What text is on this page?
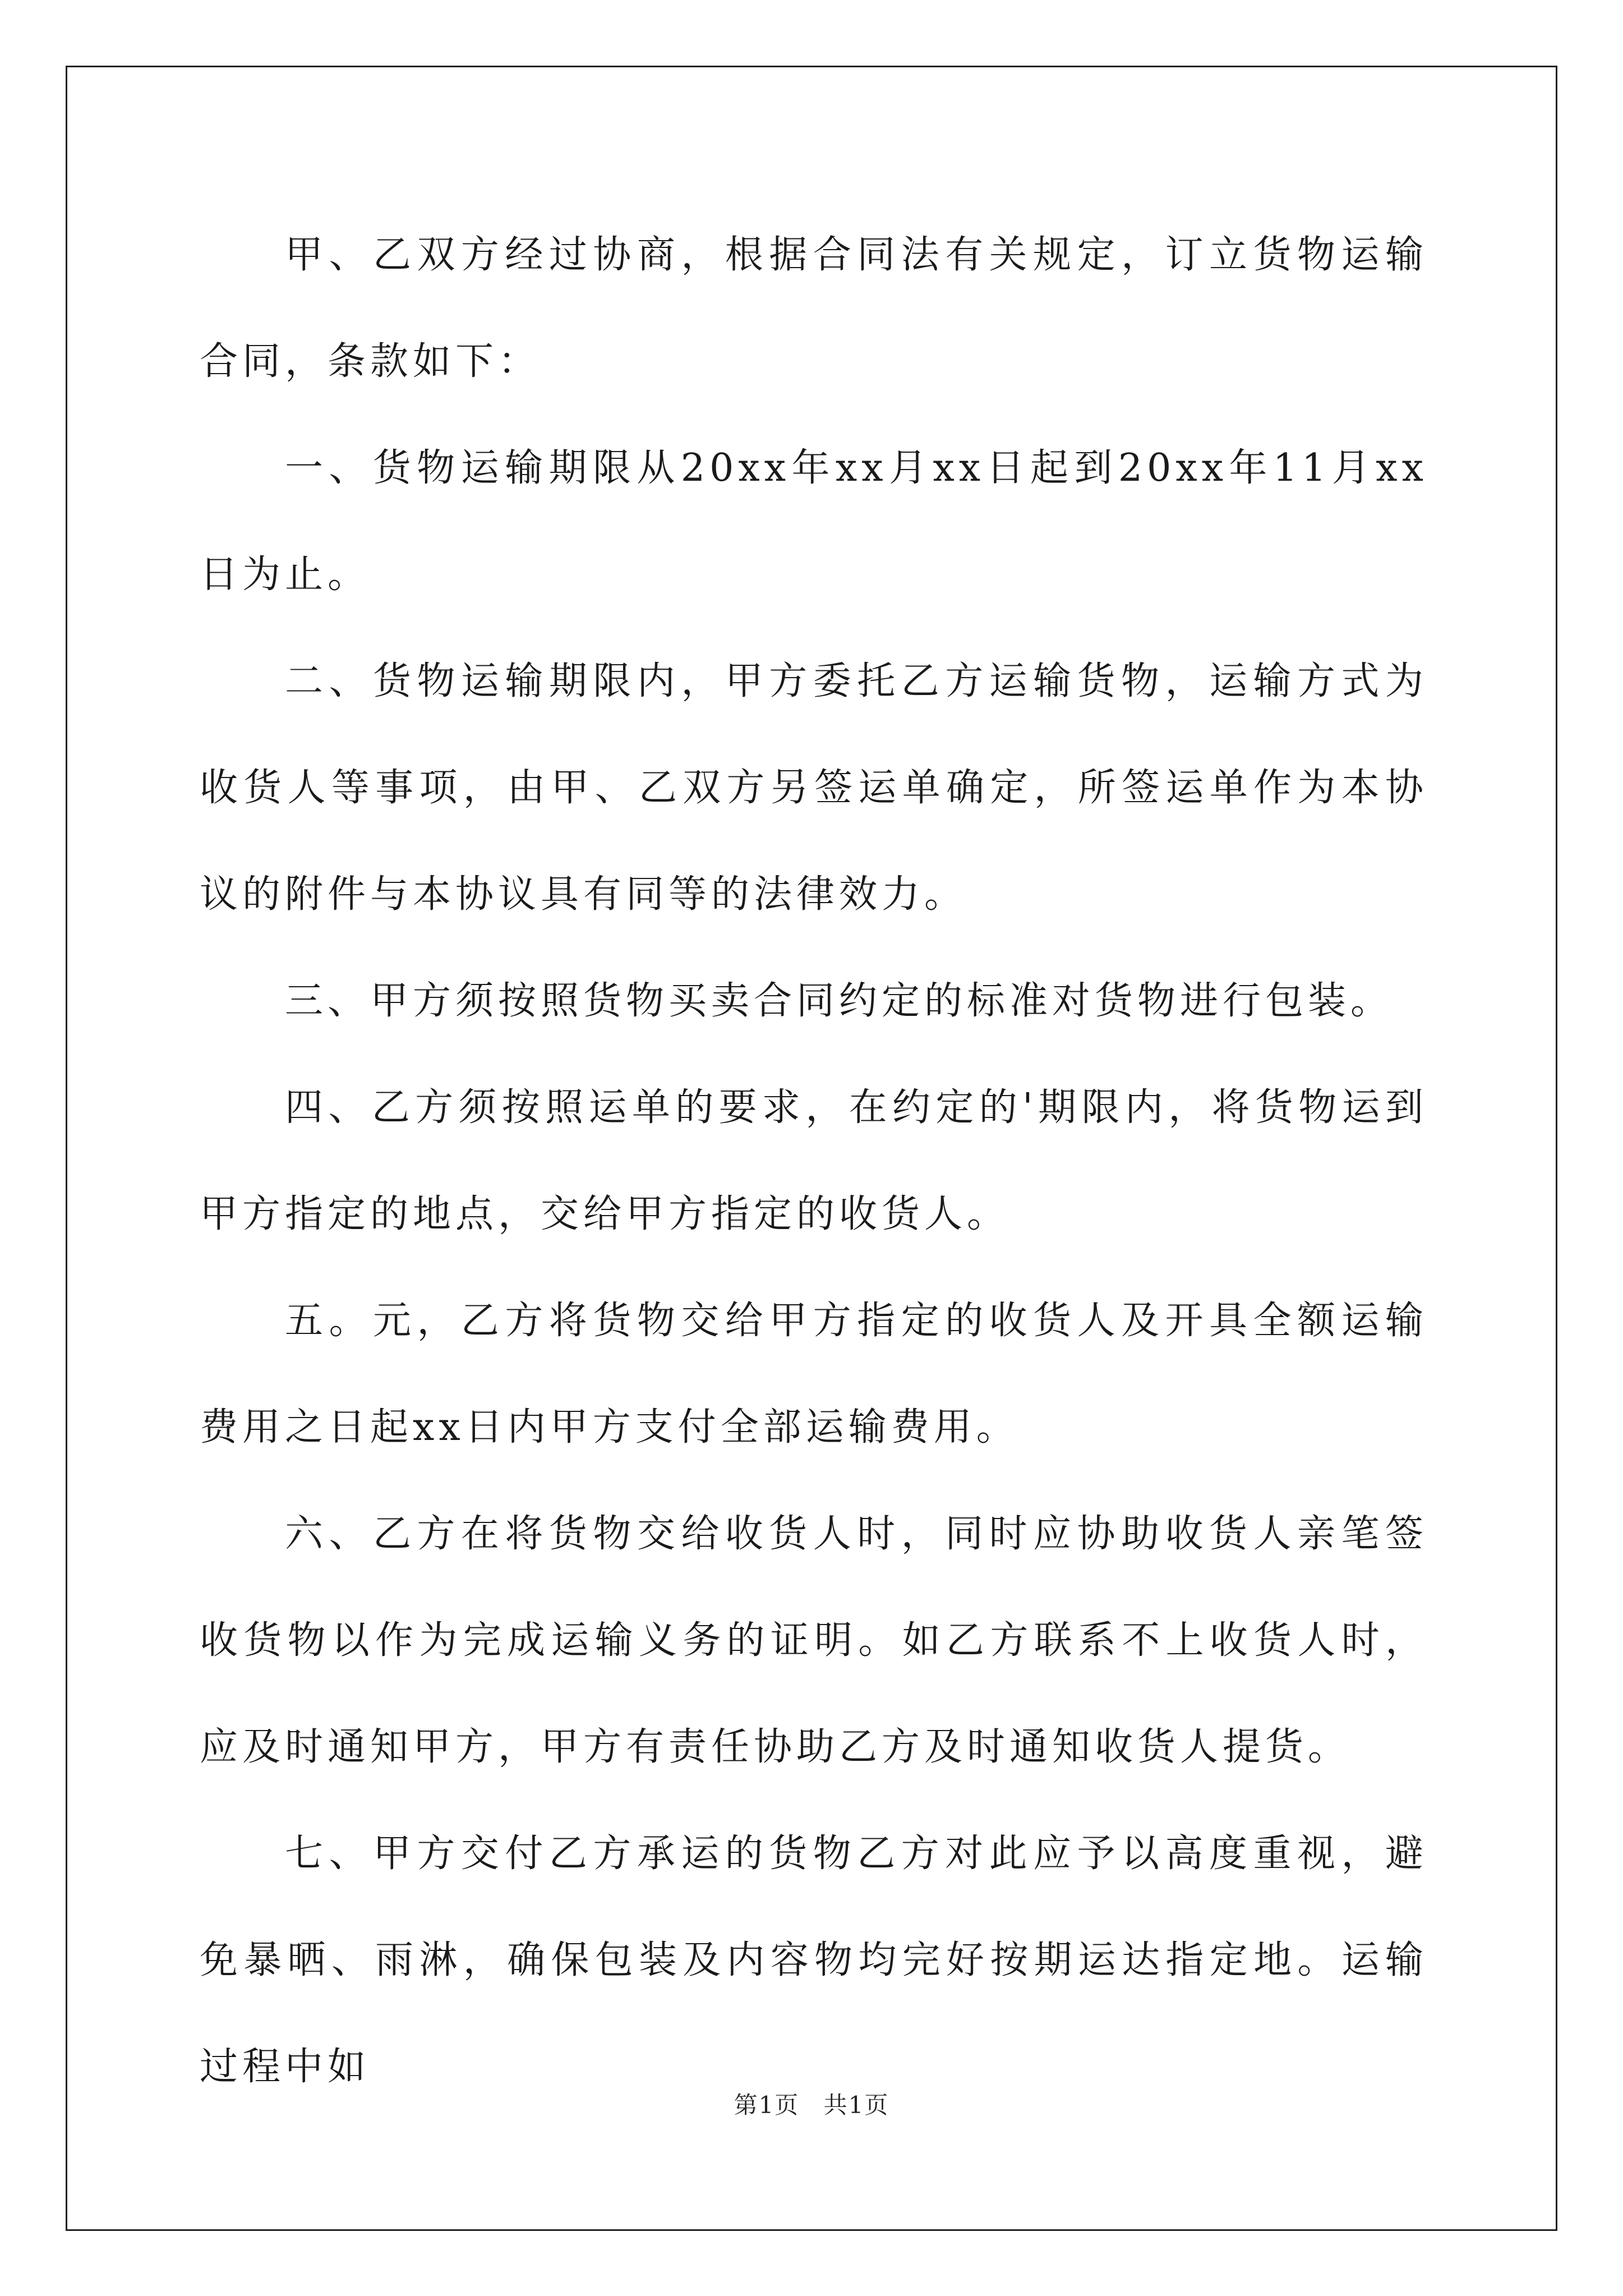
甲、乙双方经过协商，根据合同法有关规定，订立货物运输合同，条款如下：

一、货物运输期限从20xx年xx月xx日起到20xx年11月xx日为止。

二、货物运输期限内，甲方委托乙方运输货物，运输方式为收货人等事项，由甲、乙双方另签运单确定，所签运单作为本协议的附件与本协议具有同等的法律效力。

三、甲方须按照货物买卖合同约定的标准对货物进行包装。

四、乙方须按照运单的要求，在约定的'期限内，将货物运到甲方指定的地点，交给甲方指定的收货人。

五。元，乙方将货物交给甲方指定的收货人及开具全额运输费用之日起xx日内甲方支付全部运输费用。

六、乙方在将货物交给收货人时，同时应协助收货人亲笔签收货物以作为完成运输义务的证明。如乙方联系不上收货人时，应及时通知甲方，甲方有责任协助乙方及时通知收货人提货。

七、甲方交付乙方承运的货物乙方对此应予以高度重视，避免暴晒、雨淋，确保包装及内容物均完好按期运达指定地。运输过程中如

第1页 共1页
